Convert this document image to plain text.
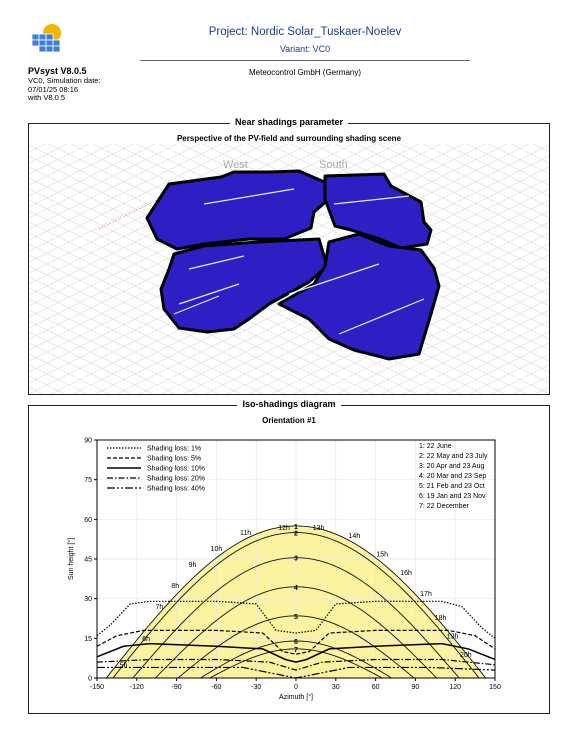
PVsyst V8.0.5
VC0, Simulation date:
07/01/25 08:16
with V8.0.5
Project: Nordic Solar_Tuskaer-Noelev
Variant: VC0
Meteocontrol GmbH (Germany)
Near shadings parameter
Perspective of the PV-field and surrounding shading scene
West	South
Iso-shadings diagram
Orientation #1
1
2
3
4
5
6
7
5h
6h
7h
8h
9h
10h
11h
12h	13h
14h
15h
16h
17h
18h
19h
20h
-150	-120	-90	-60	-30	0	30	60	90	120	150
0
15
30
45
60
75
90
Azimuth [°]
Sun height [°]
Shading loss: 1%
Shading loss: 5%
Shading loss: 10%
Shading loss: 20%
Shading loss: 40%
1: 22 June
2: 22 May and 23 July
3: 20 Apr and 23 Aug
4: 20 Mar and 23 Sep
5: 21 Feb and 23 Oct
6: 19 Jan and 23 Nov
7: 22 December
